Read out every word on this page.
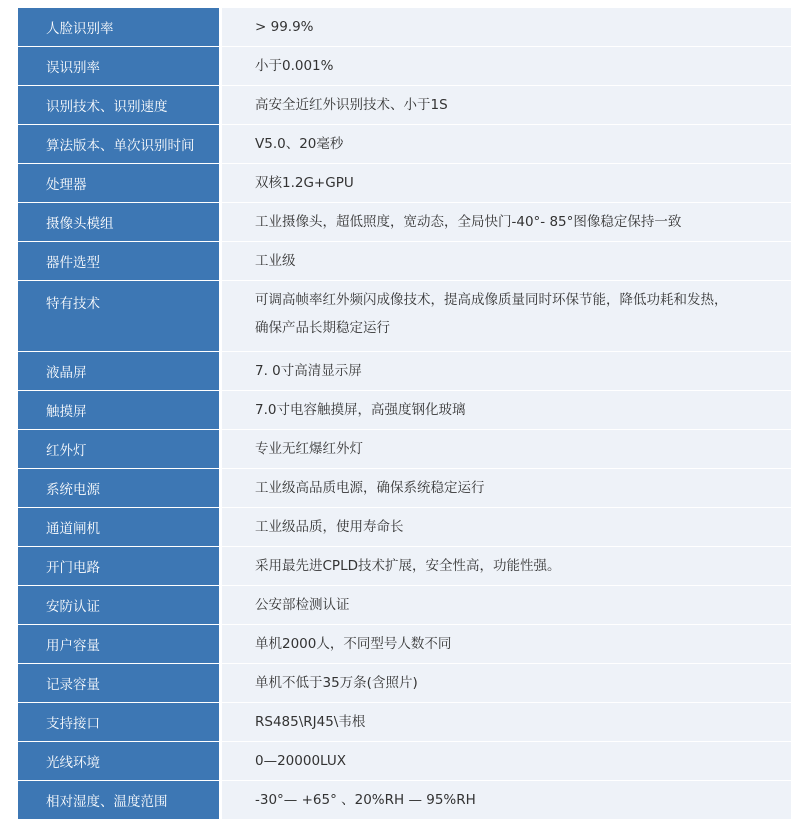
人脸识别率	> 99.9%
误识别率	小于0.001%
识别技术、识别速度	高安全近红外识别技术、小于1S
算法版本、单次识别时间	V5.0、20毫秒
处理器	双核1.2G+GPU
摄像头模组	工业摄像头，超低照度，宽动态，全局快门-40°- 85°图像稳定保持一致
器件选型	工业级
特有技术	可调高帧率红外频闪成像技术，提高成像质量同时环保节能，降低功耗和发热，
确保产品长期稳定运行
液晶屏	7. 0寸高清显示屏
触摸屏	7.0寸电容触摸屏，高强度钢化玻璃
红外灯	专业无红爆红外灯
系统电源	工业级高品质电源，确保系统稳定运行
通道闸机	工业级品质，使用寿命长
开门电路	采用最先进CPLD技术扩展，安全性高，功能性强。
安防认证	公安部检测认证
用户容量	单机2000人，不同型号人数不同
记录容量	单机不低于35万条(含照片)
支持接口	RS485\RJ45\韦根
光线环境	0—20000LUX
相对湿度、温度范围	-30°— +65° 、20%RH — 95%RH
